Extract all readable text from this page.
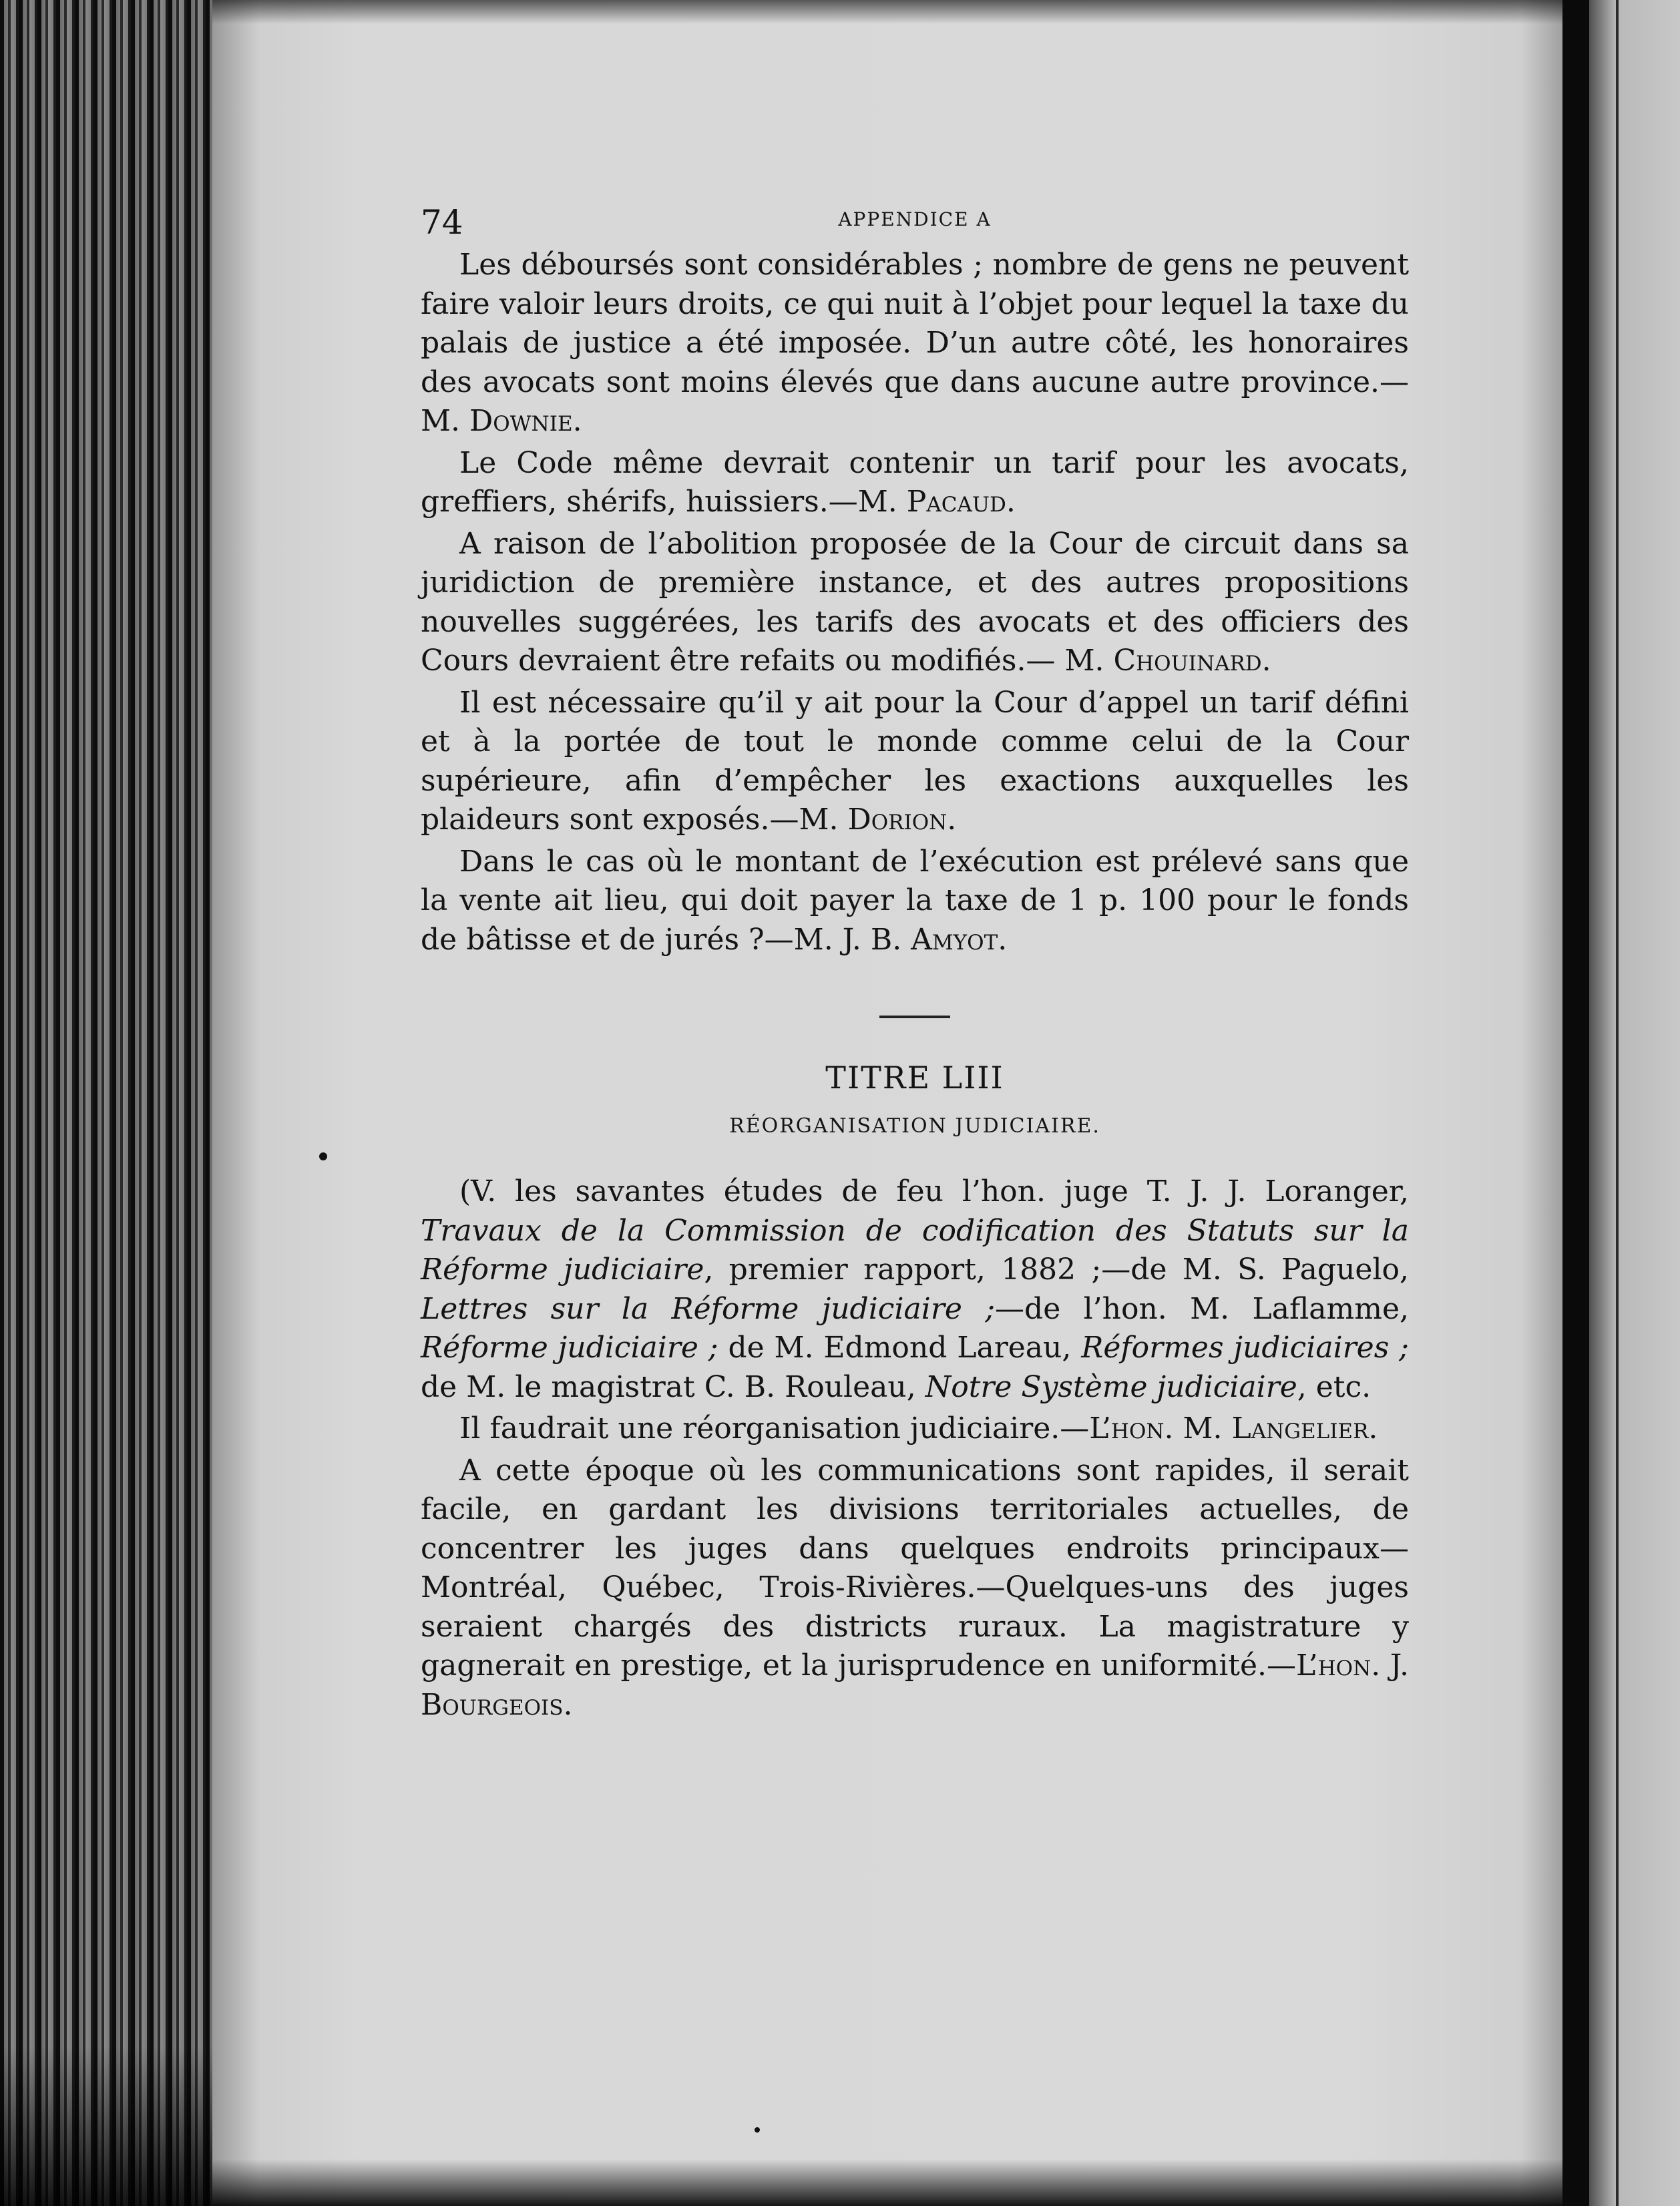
74	APPENDICE A

Les déboursés sont considérables ; nombre de gens ne peuvent faire valoir leurs droits, ce qui nuit à l’objet pour lequel la taxe du palais de justice a été imposée. D’un autre côté, les honoraires des avocats sont moins élevés que dans aucune autre province.—M. Downie.

Le Code même devrait contenir un tarif pour les avocats, greffiers, shérifs, huissiers.—M. Pacaud.

A raison de l’abolition proposée de la Cour de circuit dans sa juridiction de première instance, et des autres propositions nouvelles suggérées, les tarifs des avocats et des officiers des Cours devraient être refaits ou modifiés.— M. Chouinard.

Il est nécessaire qu’il y ait pour la Cour d’appel un tarif défini et à la portée de tout le monde comme celui de la Cour supérieure, afin d’empêcher les exactions auxquelles les plaideurs sont exposés.—M. Dorion.

Dans le cas où le montant de l’exécution est prélevé sans que la vente ait lieu, qui doit payer la taxe de 1 p. 100 pour le fonds de bâtisse et de jurés ?—M. J. B. Amyot.

TITRE LIII
RÉORGANISATION JUDICIAIRE.

(V. les savantes études de feu l’hon. juge T. J. J. Loranger, Travaux de la Commission de codification des Statuts sur la Réforme judiciaire, premier rapport, 1882 ;—de M. S. Paguelo, Lettres sur la Réforme judiciaire ;—de l’hon. M. Laflamme, Réforme judiciaire ; de M. Edmond Lareau, Réformes judiciaires ; de M. le magistrat C. B. Rouleau, Notre Système judiciaire, etc.

Il faudrait une réorganisation judiciaire.—L’hon. M. Langelier.

A cette époque où les communications sont rapides, il serait facile, en gardant les divisions territoriales actuelles, de concentrer les juges dans quelques endroits principaux—Montréal, Québec, Trois-Rivières.—Quelques-uns des juges seraient chargés des districts ruraux. La magistrature y gagnerait en prestige, et la jurisprudence en uniformité.—L’hon. J. Bourgeois.
